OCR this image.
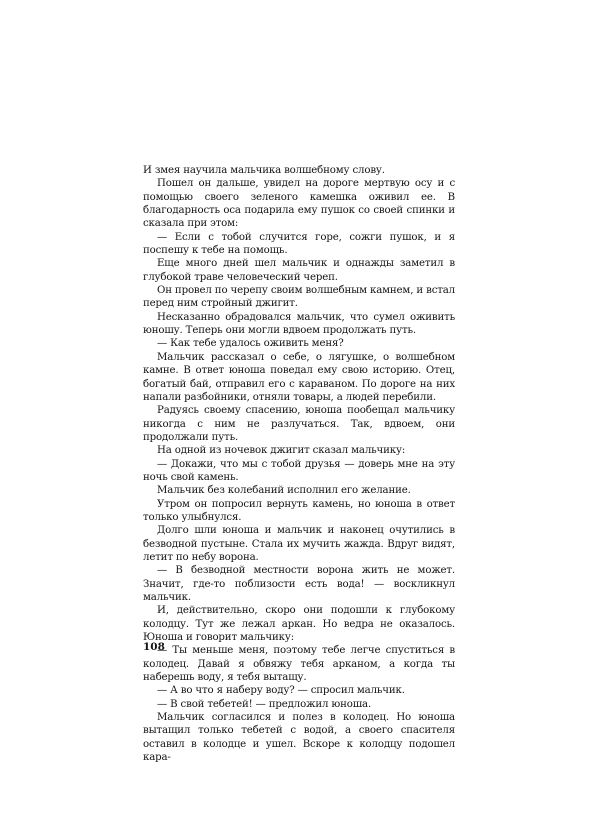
И змея научила мальчика волшебному слову.

Пошел он дальше, увидел на дороге мертвую осу и с помощью своего зеленого камешка оживил ее. В благодарность оса подарила ему пушок со своей спинки и сказала при этом:

— Если с тобой случится горе, сожги пушок, и я поспешу к тебе на помощь.

Еще много дней шел мальчик и однажды заметил в глубокой траве человеческий череп.

Он провел по черепу своим волшебным камнем, и встал перед ним стройный джигит.

Несказанно обрадовался мальчик, что сумел оживить юношу. Теперь они могли вдвоем продолжать путь.

— Как тебе удалось оживить меня?

Мальчик рассказал о себе, о лягушке, о волшебном камне. В ответ юноша поведал ему свою историю. Отец, богатый бай, отправил его с караваном. По дороге на них напали разбойники, отняли товары, а людей перебили.

Радуясь своему спасению, юноша пообещал мальчику никогда с ним не разлучаться. Так, вдвоем, они продолжали путь.

На одной из ночевок джигит сказал мальчику:

— Докажи, что мы с тобой друзья — доверь мне на эту ночь свой камень.

Мальчик без колебаний исполнил его желание.

Утром он попросил вернуть камень, но юноша в ответ только улыбнулся.

Долго шли юноша и мальчик и наконец очутились в безводной пустыне. Стала их мучить жажда. Вдруг видят, летит по небу ворона.

— В безводной местности ворона жить не может. Значит, где-то поблизости есть вода! — воскликнул мальчик.

И, действительно, скоро они подошли к глубокому колодцу. Тут же лежал аркан. Но ведра не оказалось. Юноша и говорит мальчику:

— Ты меньше меня, поэтому тебе легче спуститься в колодец. Давай я обвяжу тебя арканом, а когда ты наберешь воду, я тебя вытащу.

— А во что я наберу воду? — спросил мальчик.

— В свой тебетей! — предложил юноша.

Мальчик согласился и полез в колодец. Но юноша вытащил только тебетей с водой, а своего спасителя оставил в колодце и ушел. Вскоре к колодцу подошел кара-

108
